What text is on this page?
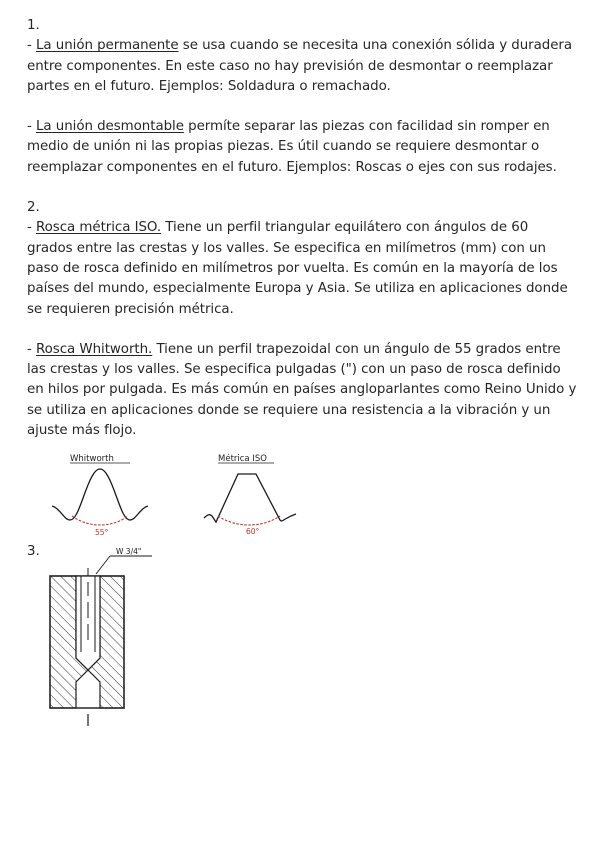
1.

- La unión permanente se usa cuando se necesita una conexión sólida y duradera entre componentes. En este caso no hay previsión de desmontar o reemplazar partes en el futuro. Ejemplos: Soldadura o remachado.

- La unión desmontable permíte separar las piezas con facilidad sin romper en medio de unión ni las propias piezas. Es útil cuando se requiere desmontar o reemplazar componentes en el futuro. Ejemplos: Roscas o ejes con sus rodajes.

2.

- Rosca métrica ISO. Tiene un perfil triangular equilátero con ángulos de 60 grados entre las crestas y los valles. Se especifica en milímetros (mm) con un paso de rosca definido en milímetros por vuelta. Es común en la mayoría de los países del mundo, especialmente Europa y Asia. Se utiliza en aplicaciones donde se requieren precisión métrica.

- Rosca Whitworth. Tiene un perfil trapezoidal con un ángulo de 55 grados entre las crestas y los valles. Se especifica pulgadas (") con un paso de rosca definido en hilos por pulgada. Es más común en países angloparlantes como Reino Unido y se utiliza en aplicaciones donde se requiere una resistencia a la vibración y un ajuste más flojo.

Whitworth
55°
Métrica ISO
60°
3.	W 3/4"
